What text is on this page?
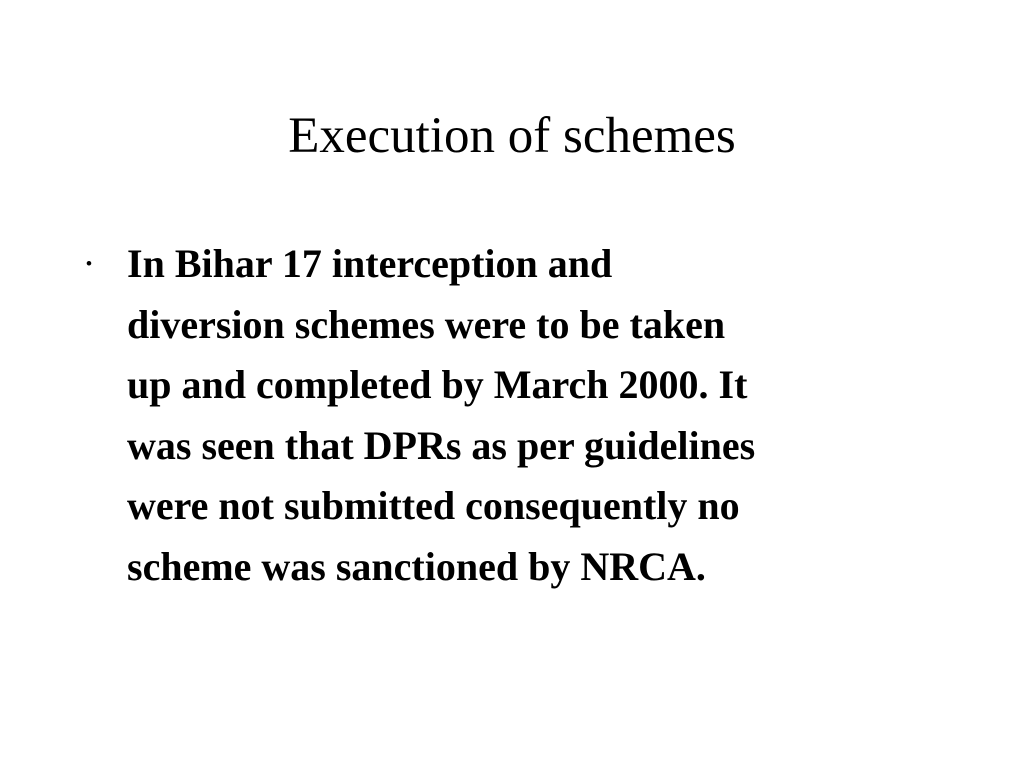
Execution of schemes
• In Bihar 17 interception and
diversion schemes were to be taken
up and completed by March 2000. It
was seen that DPRs as per guidelines
were not submitted consequently no
scheme was sanctioned by NRCA.
